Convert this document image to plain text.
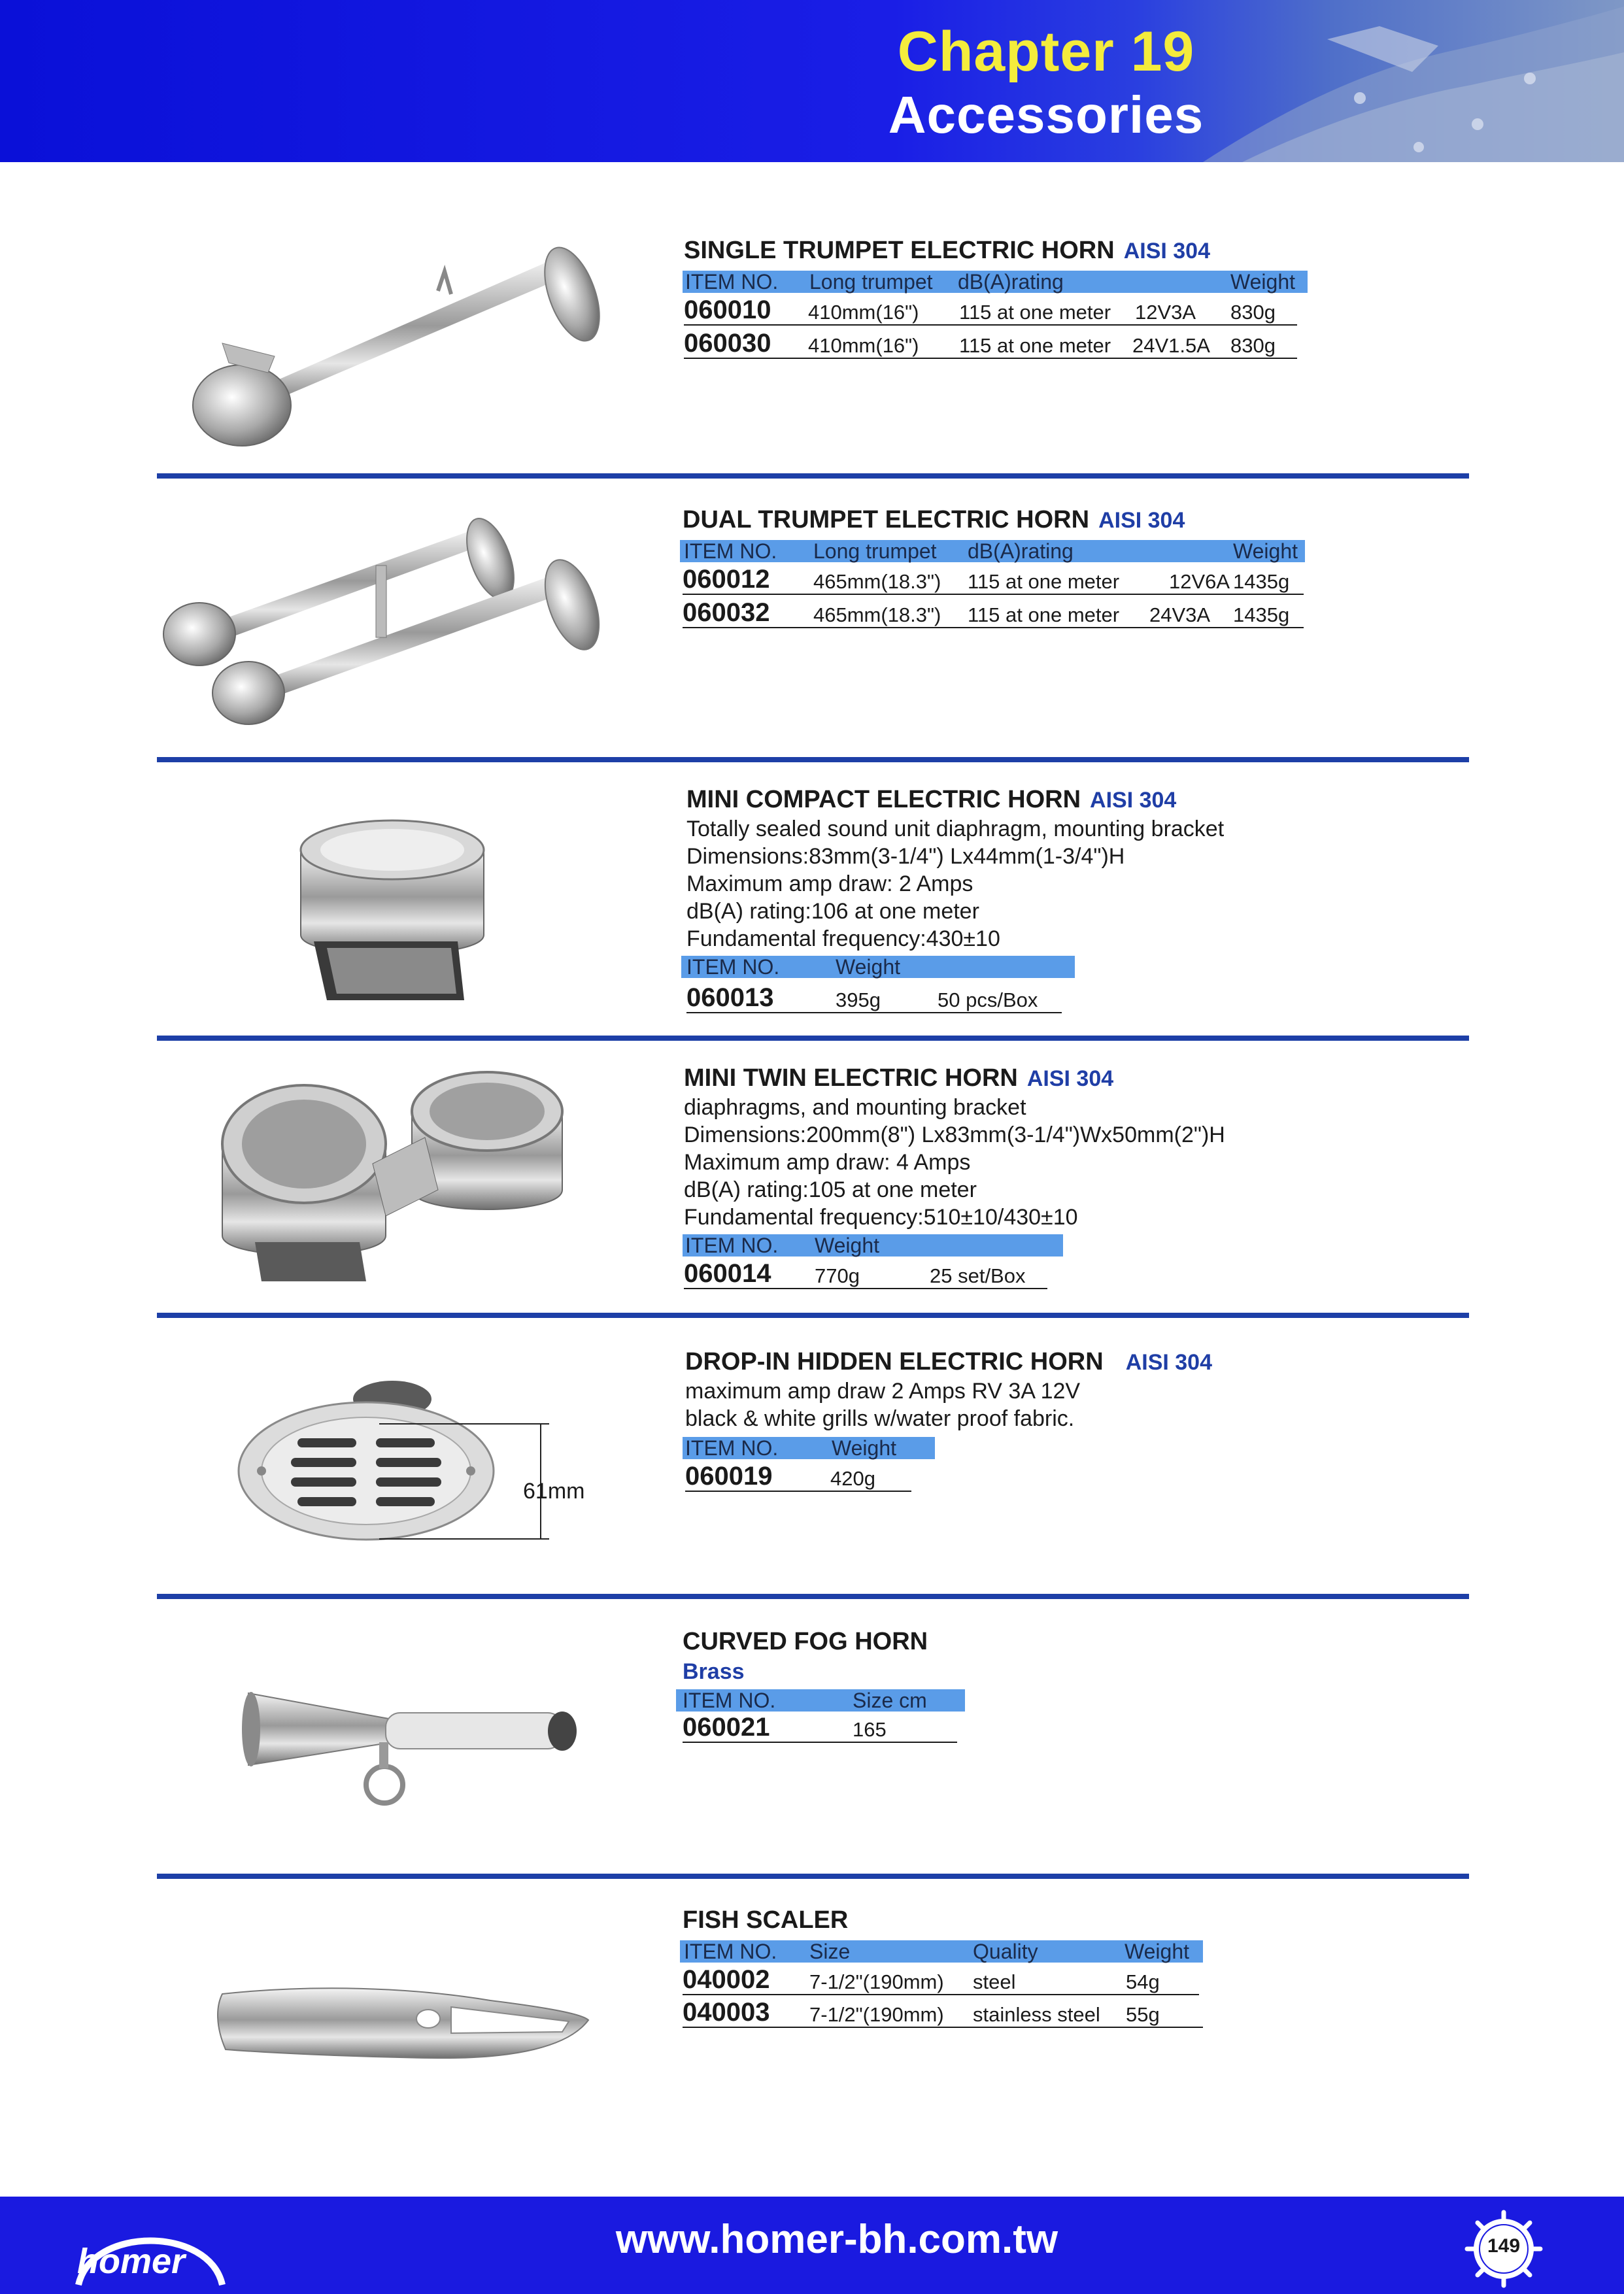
Chapter 19
Accessories
SINGLE TRUMPET ELECTRIC HORN AISI 304
ITEM NO. Long trumpet dB(A)rating	Weight
060010 410mm(16") 115 at one meter 12V3A 830g
060030 410mm(16") 115 at one meter 24V1.5A 830g
DUAL TRUMPET ELECTRIC HORN AISI 304
ITEM NO. Long trumpet dB(A)rating	Weight
060012 465mm(18.3") 115 at one meter 12V6A 1435g
060032 465mm(18.3") 115 at one meter 24V3A 1435g
MINI COMPACT ELECTRIC HORN AISI 304
Totally sealed sound unit diaphragm, mounting bracket
Dimensions:83mm(3-1/4") Lx44mm(1-3/4")H
Maximum amp draw: 2 Amps
dB(A) rating:106 at one meter
Fundamental frequency:430±10
ITEM NO.	Weight
060013	395g	50 pcs/Box
MINI TWIN ELECTRIC HORN AISI 304
diaphragms, and mounting bracket
Dimensions:200mm(8") Lx83mm(3-1/4")Wx50mm(2")H
Maximum amp draw: 4 Amps
dB(A) rating:105 at one meter
Fundamental frequency:510±10/430±10
ITEM NO. Weight
060014 770g	25 set/Box
61mm
DROP-IN HIDDEN ELECTRIC HORN AISI 304
maximum amp draw 2 Amps RV 3A 12V
black & white grills w/water proof fabric.
ITEM NO.	Weight
060019	420g
CURVED FOG HORN
Brass
ITEM NO.	Size cm
060021	165
FISH SCALER
ITEM NO. Size	Quality	Weight
040002 7-1/2"(190mm) steel	54g
040003 7-1/2"(190mm) stainless steel 55g
homer	www.homer-bh.com.tw	149
